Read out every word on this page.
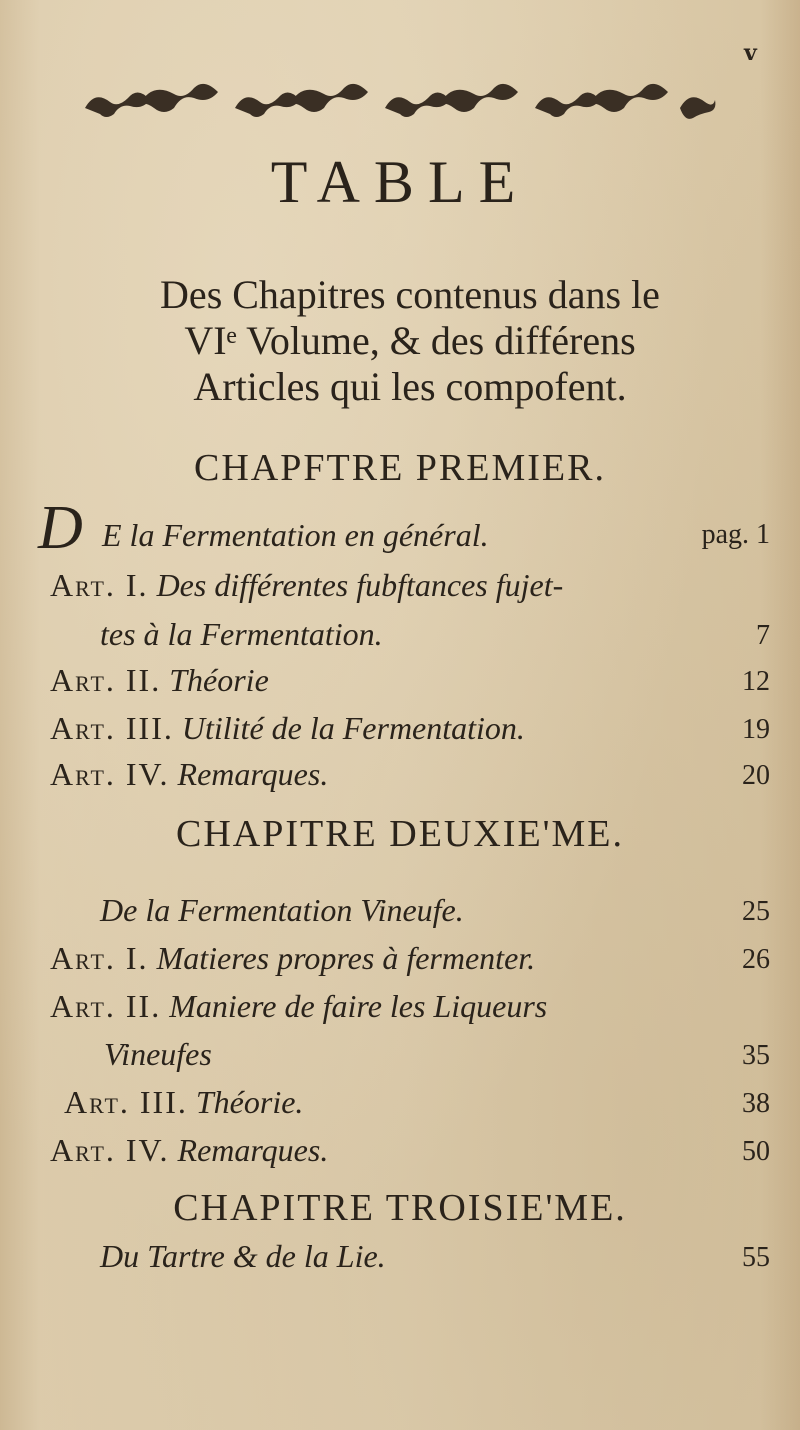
v
TABLE
Des Chapitres contenus dans le
VIᵉ Volume, & des différens
Articles qui les compofent.
CHAPFTRE PREMIER.
D E la Fermentation en général.	pag. 1
Art. I. Des différentes fubftances fujet-
tes à la Fermentation.	7
Art. II. Théorie	12
Art. III. Utilité de la Fermentation.	19
Art. IV. Remarques.	20
CHAPITRE DEUXIE'ME.
De la Fermentation Vineufe.	25
Art. I. Matieres propres à fermenter.	26
Art. II. Maniere de faire les Liqueurs
Vineufes	35
Art. III. Théorie.	38
Art. IV. Remarques.	50
CHAPITRE TROISIE'ME.
Du Tartre & de la Lie.	55
